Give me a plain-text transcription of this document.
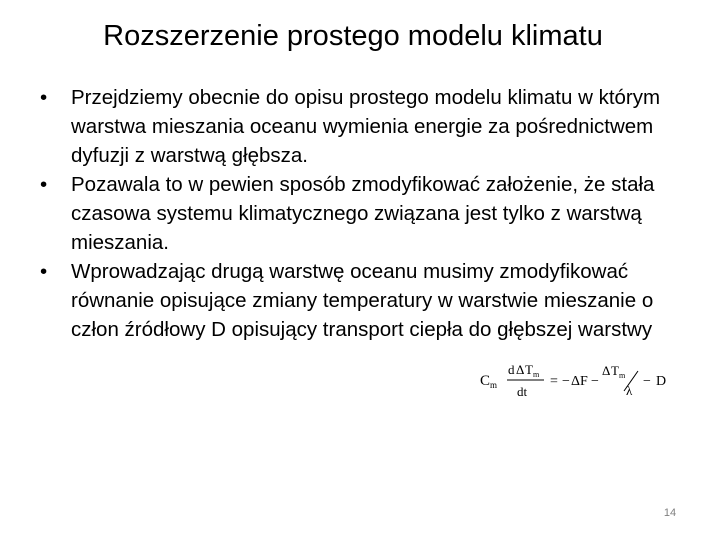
Rozszerzenie prostego modelu klimatu
• Przejdziemy obecnie do opisu prostego modelu klimatu w którym warstwa mieszania oceanu wymienia energie za pośrednictwem dyfuzji z warstwą głębsza.
• Pozawala to w pewien sposób zmodyfikować założenie, że stała czasowa systemu klimatycznego związana jest tylko z warstwą mieszania.
• Wprowadzając drugą warstwę oceanu musimy zmodyfikować równanie opisujące zmiany temperatury w warstwie mieszanie o człon źródłowy D opisujący transport ciepła do głębszej warstwy
C m
d Δ T m
dt
= − Δ F −
Δ T m
λ
− D
14
